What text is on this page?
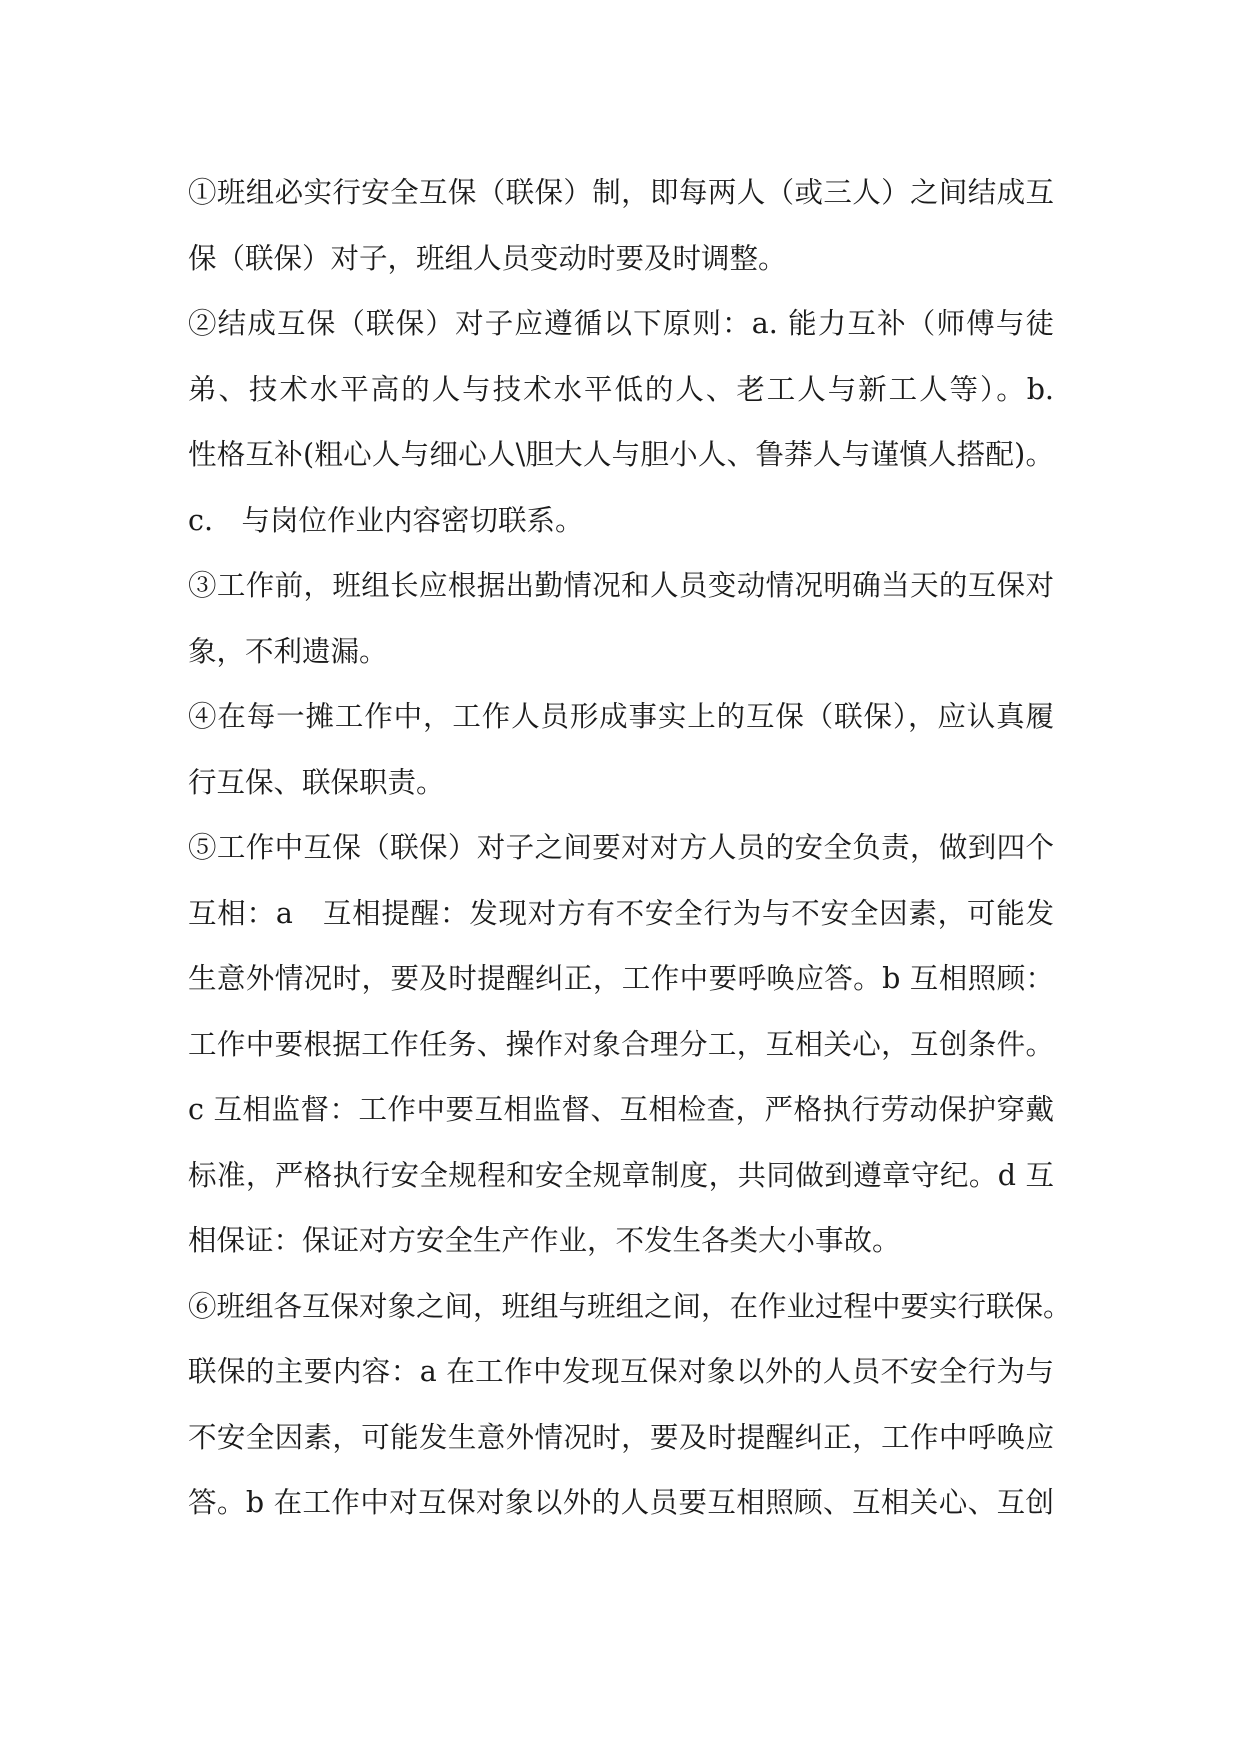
①班组必实行安全互保（联保）制，即每两人（或三人）之间结成互
保（联保）对子，班组人员变动时要及时调整。
②结成互保（联保）对子应遵循以下原则：a. 能力互补（师傅与徒
弟、技术水平高的人与技术水平低的人、老工人与新工人等）。b.
性格互补(粗心人与细心人\胆大人与胆小人、鲁莽人与谨慎人搭配)。
c.　与岗位作业内容密切联系。
③工作前，班组长应根据出勤情况和人员变动情况明确当天的互保对
象，不利遗漏。
④在每一摊工作中，工作人员形成事实上的互保（联保），应认真履
行互保、联保职责。
⑤工作中互保（联保）对子之间要对对方人员的安全负责，做到四个
互相：a　互相提醒：发现对方有不安全行为与不安全因素，可能发
生意外情况时，要及时提醒纠正，工作中要呼唤应答。b 互相照顾：
工作中要根据工作任务、操作对象合理分工，互相关心，互创条件。
c 互相监督：工作中要互相监督、互相检查，严格执行劳动保护穿戴
标准，严格执行安全规程和安全规章制度，共同做到遵章守纪。d 互
相保证：保证对方安全生产作业，不发生各类大小事故。
⑥班组各互保对象之间，班组与班组之间，在作业过程中要实行联保。
联保的主要内容：a 在工作中发现互保对象以外的人员不安全行为与
不安全因素，可能发生意外情况时，要及时提醒纠正，工作中呼唤应
答。b 在工作中对互保对象以外的人员要互相照顾、互相关心、互创
